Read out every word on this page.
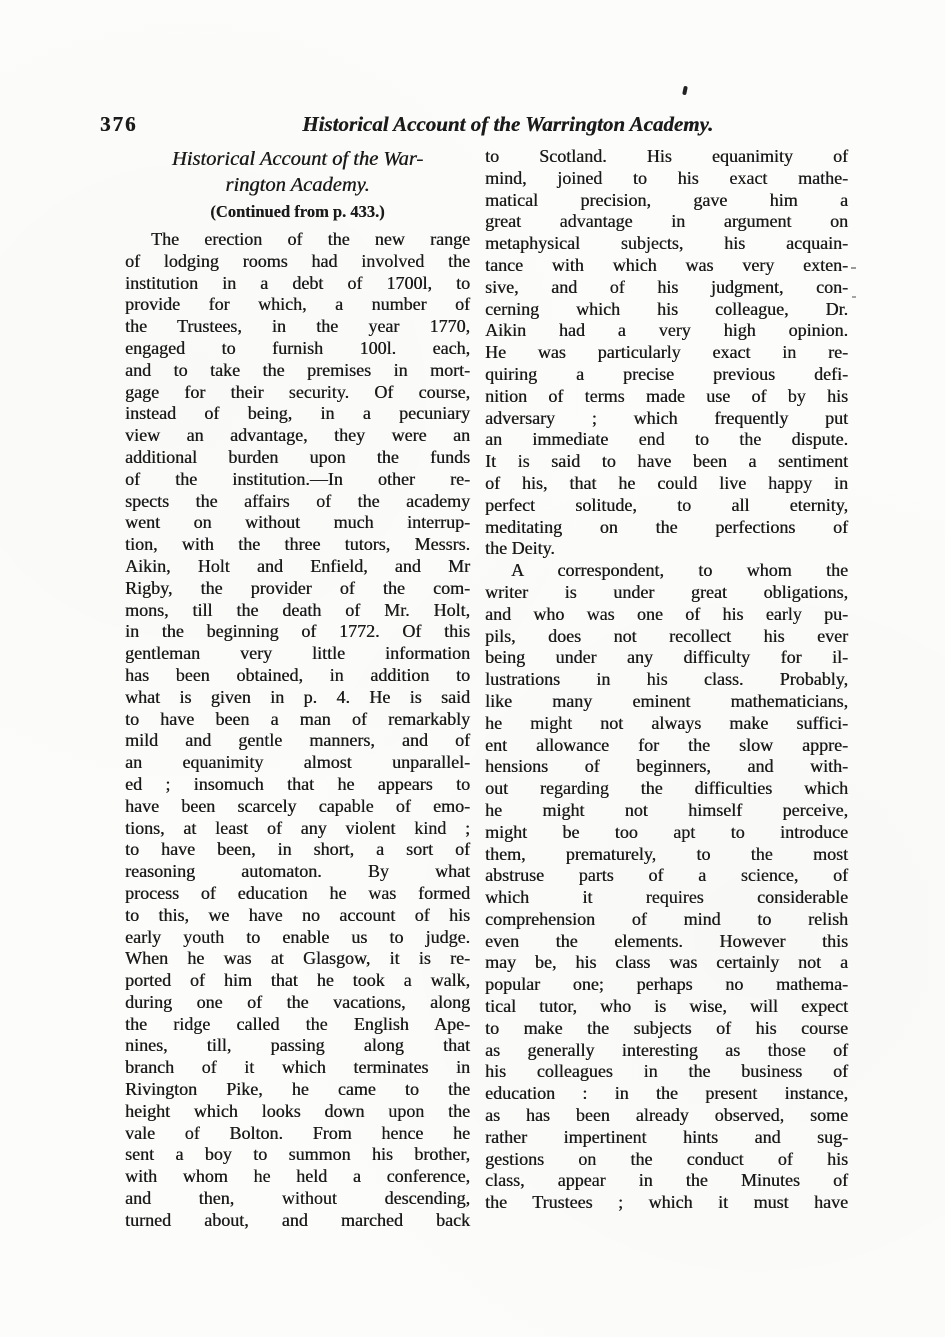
376	Historical Account of the Warrington Academy.
Historical Account of the War-
rington Academy.
(Continued from p. 433.)
The erection of the new range
of lodging rooms had involved the
institution in a debt of 1700l, to
provide for which, a number of
the Trustees, in the year 1770,
engaged to furnish 100l. each,
and to take the premises in mort-
gage for their security. Of course,
instead of being, in a pecuniary
view an advantage, they were an
additional burden upon the funds
of the institution.—In other re-
spects the affairs of the academy
went on without much interrup-
tion, with the three tutors, Messrs.
Aikin, Holt and Enfield, and Mr
Rigby, the provider of the com-
mons, till the death of Mr. Holt,
in the beginning of 1772. Of this
gentleman very little information
has been obtained, in addition to
what is given in p. 4. He is said
to have been a man of remarkably
mild and gentle manners, and of
an equanimity almost unparallel-
ed ; insomuch that he appears to
have been scarcely capable of emo-
tions, at least of any violent kind ;
to have been, in short, a sort of
reasoning automaton. By what
process of education he was formed
to this, we have no account of his
early youth to enable us to judge.
When he was at Glasgow, it is re-
ported of him that he took a walk,
during one of the vacations, along
the ridge called the English Ape-
nines, till, passing along that
branch of it which terminates in
Rivington Pike, he came to the
height which looks down upon the
vale of Bolton. From hence he
sent a boy to summon his brother,
with whom he held a conference,
and then, without descending,
turned about, and marched back
to Scotland. His equanimity of
mind, joined to his exact mathe-
matical precision, gave him a
great advantage in argument on
metaphysical subjects, his acquain-
tance with which was very exten-
sive, and of his judgment, con-
cerning which his colleague, Dr.
Aikin had a very high opinion.
He was particularly exact in re-
quiring a precise previous defi-
nition of terms made use of by his
adversary ; which frequently put
an immediate end to the dispute.
It is said to have been a sentiment
of his, that he could live happy in
perfect solitude, to all eternity,
meditating on the perfections of
the Deity.
A correspondent, to whom the
writer is under great obligations,
and who was one of his early pu-
pils, does not recollect his ever
being under any difficulty for il-
lustrations in his class. Probably,
like many eminent mathematicians,
he might not always make suffici-
ent allowance for the slow appre-
hensions of beginners, and with-
out regarding the difficulties which
he might not himself perceive,
might be too apt to introduce
them, prematurely, to the most
abstruse parts of a science, of
which it requires considerable
comprehension of mind to relish
even the elements. However this
may be, his class was certainly not a
popular one; perhaps no mathema-
tical tutor, who is wise, will expect
to make the subjects of his course
as generally interesting as those of
his colleagues in the business of
education : in the present instance,
as has been already observed, some
rather impertinent hints and sug-
gestions on the conduct of his
class, appear in the Minutes of
the Trustees ; which it must have
